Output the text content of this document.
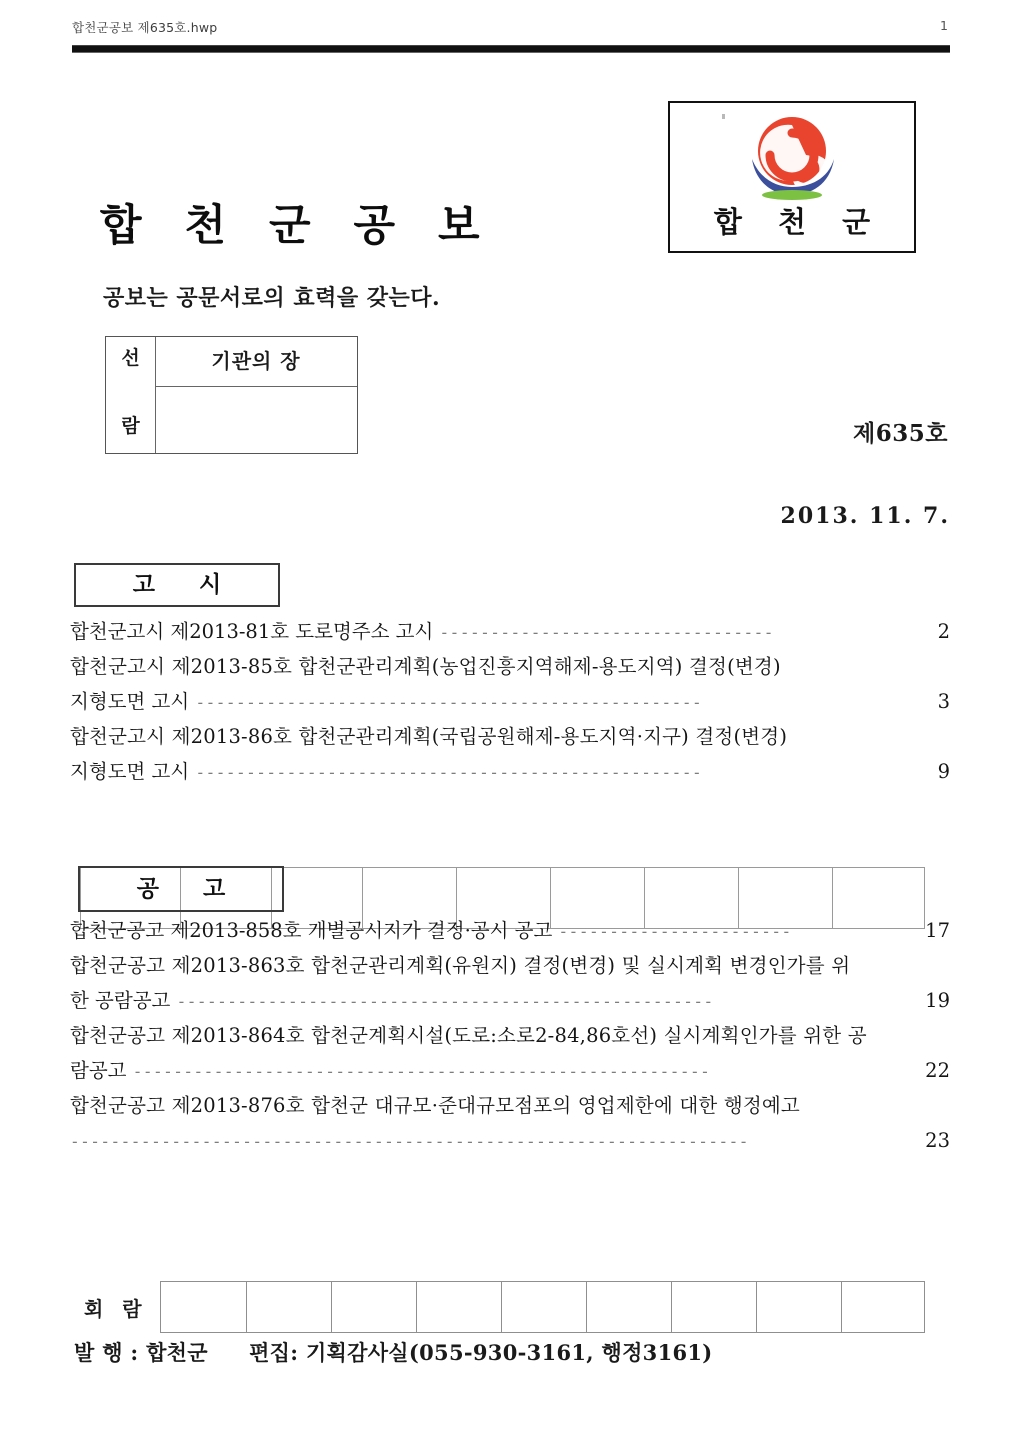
합천군공보 제635호.hwp	1
합 천 군
합 천 군 공 보
공보는 공문서로의 효력을 갖는다.
선
람
기관의 장
제635호
2013. 11. 7.
고 시
합천군고시 제2013-81호 도로명주소 고시 ---------------------------------	2
합천군고시 제2013-85호 합천군관리계획(농업진흥지역해제-용도지역) 결정(변경)
지형도면 고시 --------------------------------------------------	3
합천군고시 제2013-86호 합천군관리계획(국립공원해제-용도지역·지구) 결정(변경)
지형도면 고시 --------------------------------------------------	9
공 고
합천군공고 제2013-858호 개별공시지가 결정·공시 공고 -----------------------	17
합천군공고 제2013-863호 합천군관리계획(유원지) 결정(변경) 및 실시계획 변경인가를 위
한 공람공고 -----------------------------------------------------	19
합천군공고 제2013-864호 합천군계획시설(도로:소로2-84,86호선) 실시계획인가를 위한 공
람공고 ---------------------------------------------------------	22
합천군공고 제2013-876호 합천군 대규모·준대규모점포의 영업제한에 대한 행정예고
-------------------------------------------------------------------	23
회 람
발 행 : 합천군 편집: 기획감사실(055-930-3161, 행정3161)
